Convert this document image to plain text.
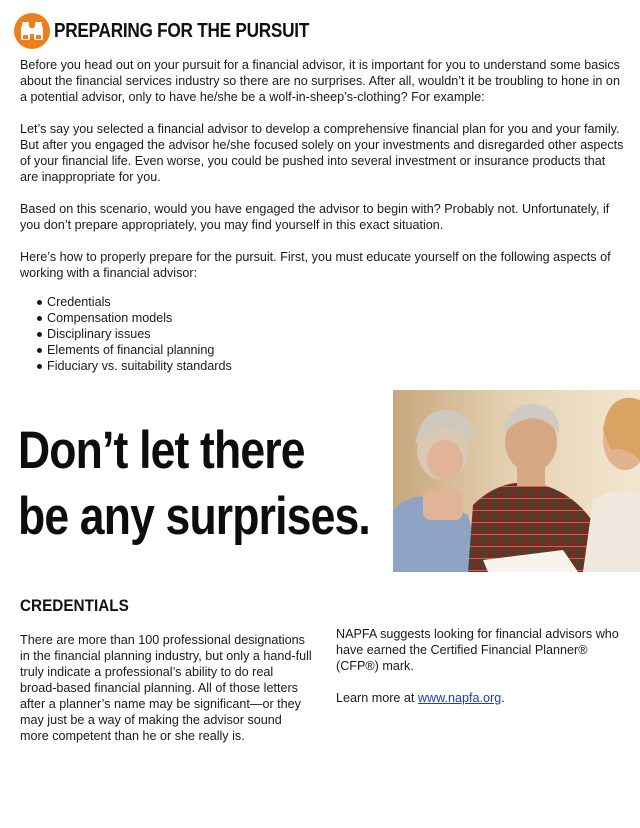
PREPARING FOR THE PURSUIT

Before you head out on your pursuit for a financial advisor, it is important for you to understand some basics about the financial services industry so there are no surprises. After all, wouldn’t it be troubling to hone in on a potential advisor, only to have he/she be a wolf-in-sheep’s-clothing? For example:

Let’s say you selected a financial advisor to develop a comprehensive financial plan for you and your family. But after you engaged the advisor he/she focused solely on your investments and disregarded other aspects of your financial life. Even worse, you could be pushed into several investment or insurance products that are inappropriate for you.

Based on this scenario, would you have engaged the advisor to begin with? Probably not. Unfortunately, if you don’t prepare appropriately, you may find yourself in this exact situation.

Here’s how to properly prepare for the pursuit. First, you must educate yourself on the following aspects of working with a financial advisor:

Credentials
Compensation models
Disciplinary issues
Elements of financial planning
Fiduciary vs. suitability standards
Don’t let there
be any surprises.
CREDENTIALS

There are more than 100 professional designations in the financial planning industry, but only a hand-full truly indicate a professional’s ability to do real broad-based financial planning. All of those letters after a planner’s name may be significant—or they may just be a way of making the advisor sound more competent than he or she really is.

NAPFA suggests looking for financial advisors who have earned the Certified Financial Planner® (CFP®) mark.

Learn more at www.napfa.org.
